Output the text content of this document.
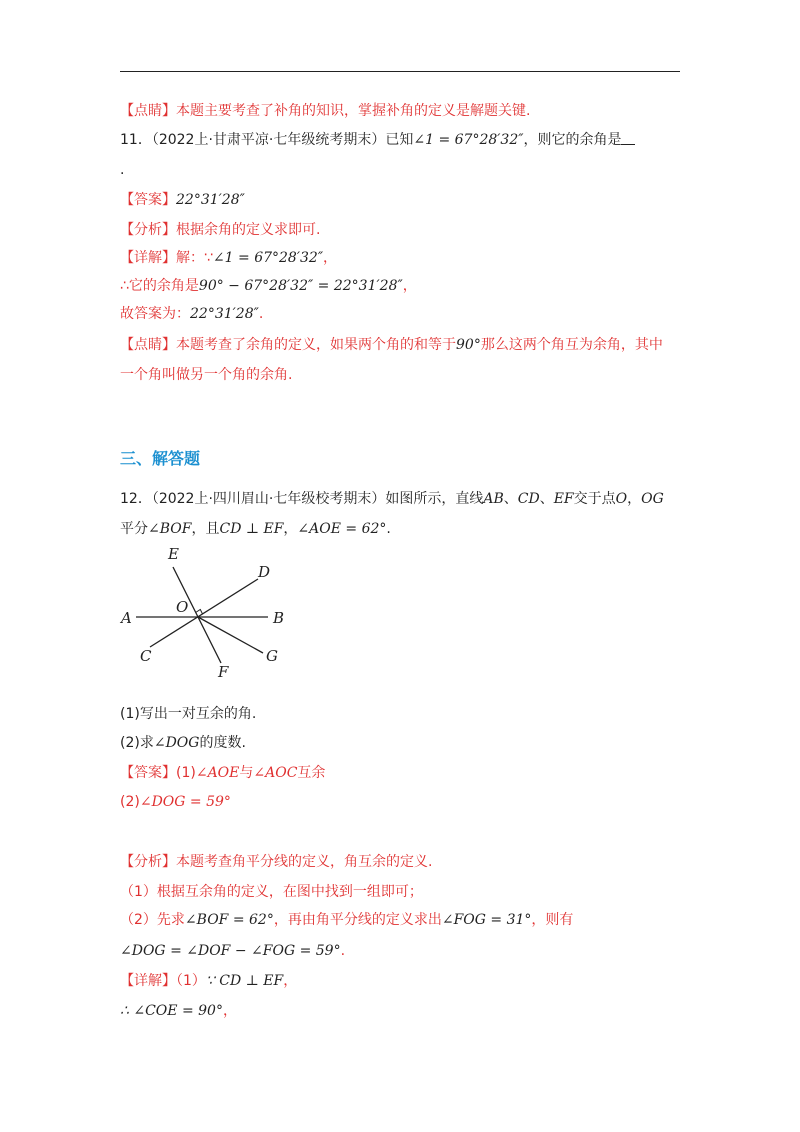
【点睛】本题主要考查了补角的知识，掌握补角的定义是解题关键.
11．（2022上·甘肃平凉·七年级统考期末）已知∠1 = 67°28′32″，则它的余角是
.
【答案】22°31′28″
【分析】根据余角的定义求即可.
【详解】解：∵∠1 = 67°28′32″，
∴它的余角是90° − 67°28′32″ = 22°31′28″，
故答案为：22°31′28″.
【点睛】本题考查了余角的定义，如果两个角的和等于90°那么这两个角互为余角，其中
一个角叫做另一个角的余角.
三、解答题
12．（2022上·四川眉山·七年级校考期末）如图所示，直线AB、CD、EF交于点O，OG
平分∠BOF，且CD ⊥ EF，∠AOE = 62°.
E
D
O
A	B
C	G
F
(1)写出一对互余的角.
(2)求∠DOG的度数.
【答案】(1)∠AOE与∠AOC互余
(2)∠DOG = 59°
【分析】本题考查角平分线的定义，角互余的定义.
（1）根据互余角的定义，在图中找到一组即可；
（2）先求∠BOF = 62°，再由角平分线的定义求出∠FOG = 31°，则有
∠DOG = ∠DOF − ∠FOG = 59°.
【详解】（1）∵ CD ⊥ EF，
∴ ∠COE = 90°，
